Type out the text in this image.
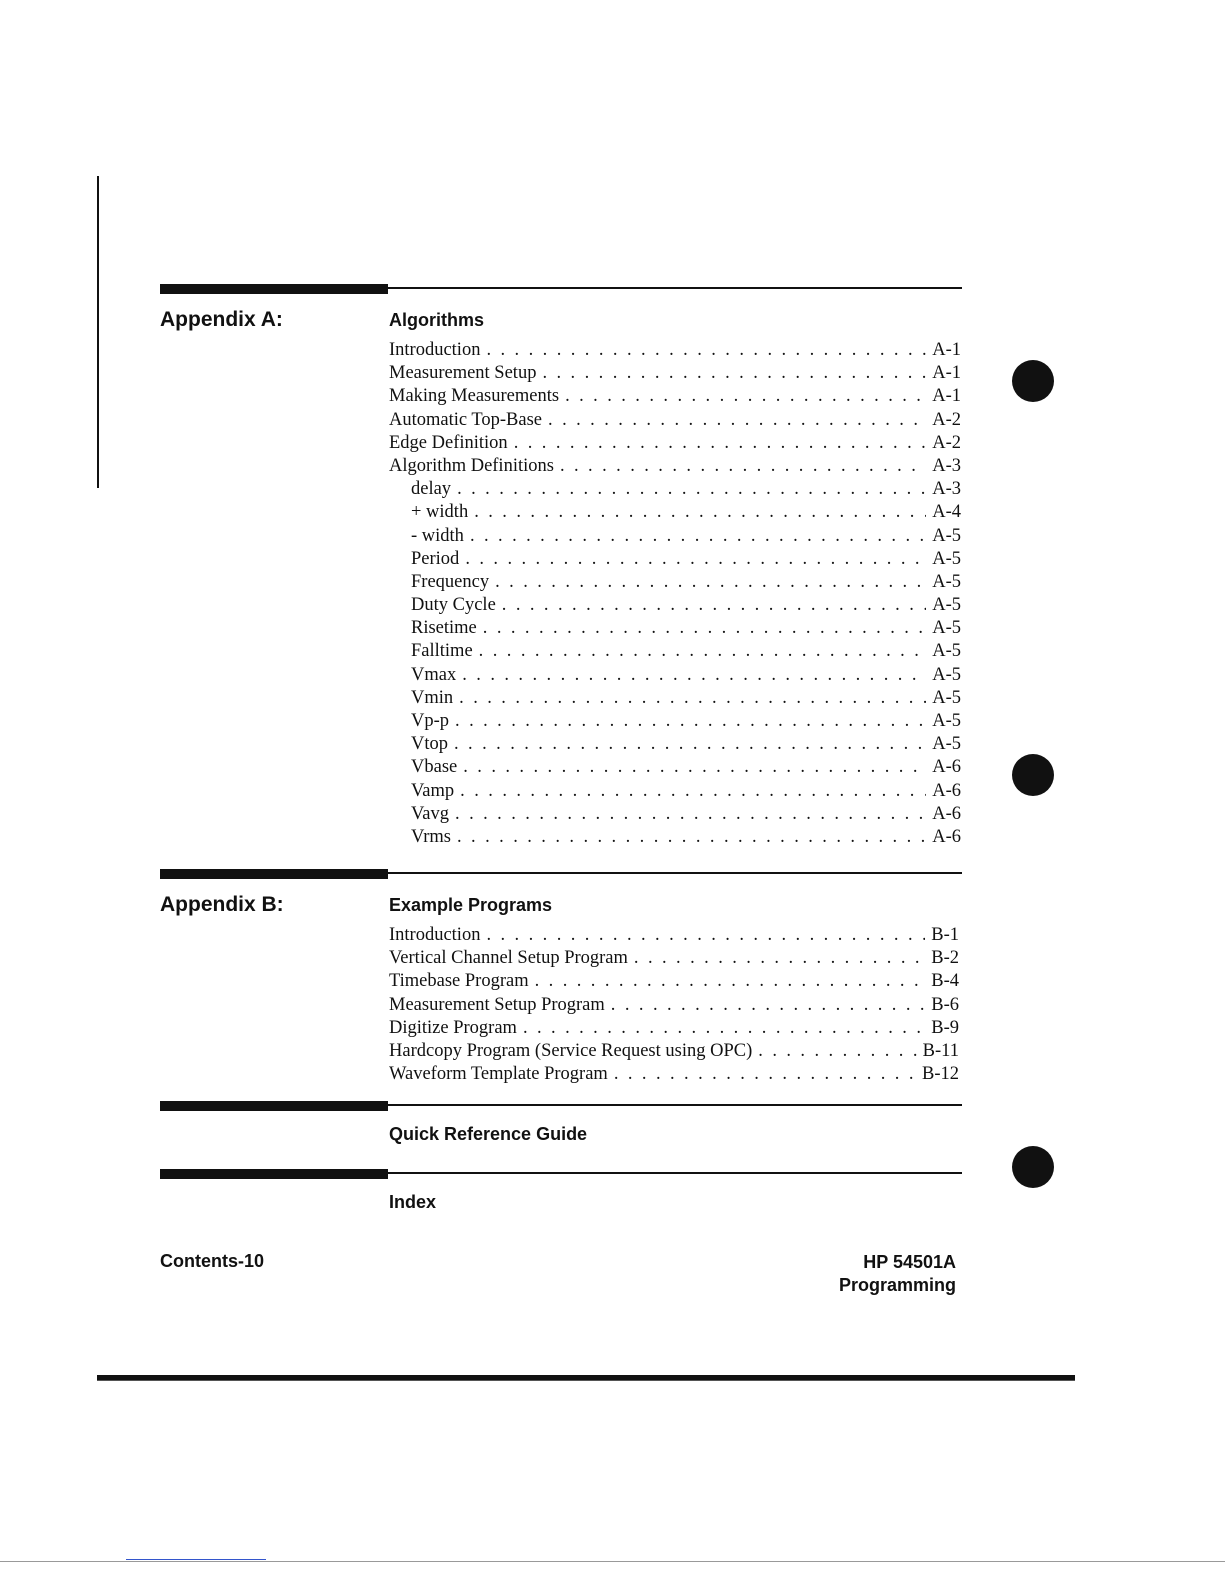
Appendix A:	Algorithms
Introduction . . .	A-1
Measurement Setup . . .	A-1
Making Measurements . . .	A-1
Automatic Top-Base . . .	A-2
Edge Definition . . .	A-2
Algorithm Definitions . . .	A-3
delay . . .	A-3
+ width . . .	A-4
- width . . .	A-5
Period . . .	A-5
Frequency . . .	A-5
Duty Cycle . . .	A-5
Risetime . . .	A-5
Falltime . . .	A-5
Vmax . . .	A-5
Vmin . . .	A-5
Vp-p . . .	A-5
Vtop . . .	A-5
Vbase . . .	A-6
Vamp . . .	A-6
Vavg . . .	A-6
Vrms . . .	A-6
Appendix B:	Example Programs
Introduction . . .	B-1
Vertical Channel Setup Program . . .	B-2
Timebase Program . . .	B-4
Measurement Setup Program . . .	B-6
Digitize Program . . .	B-9
Hardcopy Program (Service Request using OPC) . . .	B-11
Waveform Template Program . . .	B-12
Quick Reference Guide
Index
Contents-10	HP 54501A
Programming
